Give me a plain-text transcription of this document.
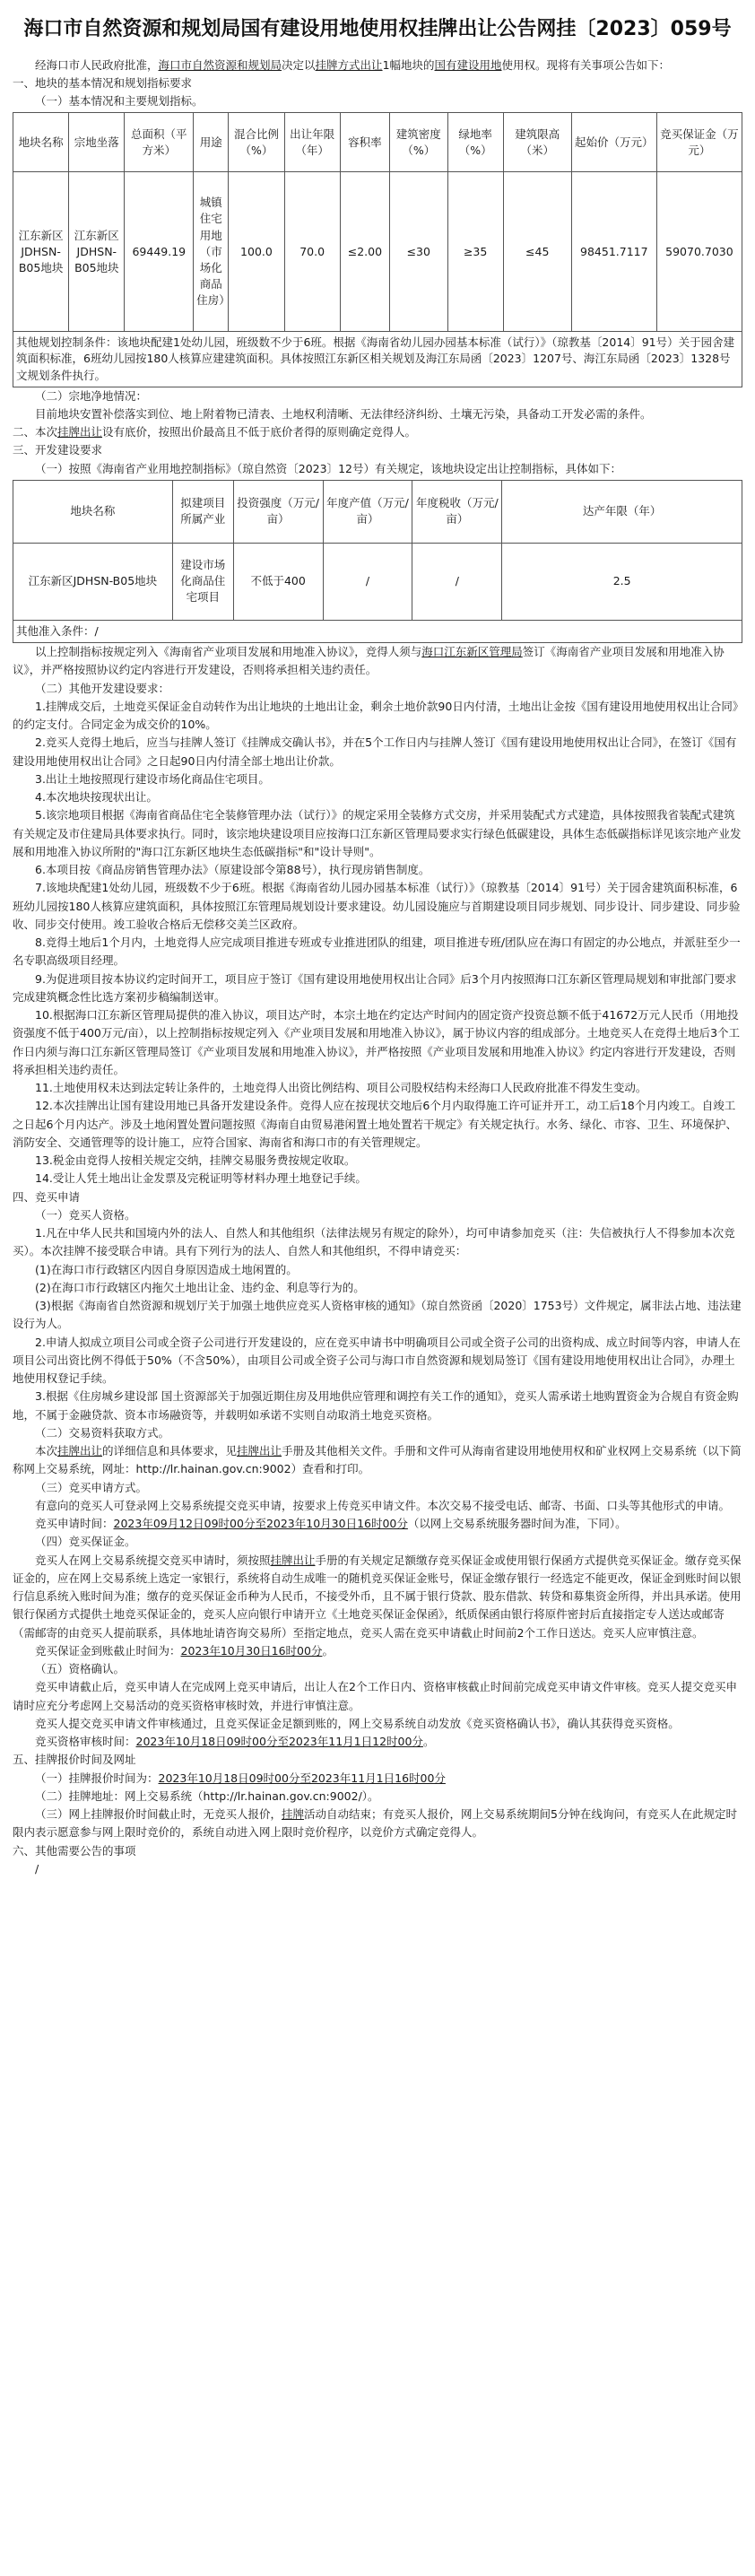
海口市自然资源和规划局国有建设用地使用权挂牌出让公告网挂〔2023〕059号

经海口市人民政府批准，海口市自然资源和规划局决定以挂牌方式出让1幅地块的国有建设用地使用权。现将有关事项公告如下：

一、地块的基本情况和规划指标要求

（一）基本情况和主要规划指标。

地块名称	宗地坐落	总面积（平方米）	用途	混合比例（%）	出让年限（年）	容积率	建筑密度（%）	绿地率（%）	建筑限高（米）	起始价（万元）	竞买保证金（万元）
江东新区JDHSN-B05地块	江东新区JDHSN-B05地块	69449.19	城镇住宅用地（市场化商品住房）	100.0	70.0	≤2.00	≤30	≥35	≤45	98451.7117	59070.7030
其他规划控制条件：该地块配建1处幼儿园，班级数不少于6班。根据《海南省幼儿园办园基本标准（试行）》（琼教基〔2014〕91号）关于园舍建筑面积标准，6班幼儿园按180人核算应建建筑面积。具体按照江东新区相关规划及海江东局函〔2023〕1207号、海江东局函〔2023〕1328号文规划条件执行。											

（二）宗地净地情况：

目前地块安置补偿落实到位、地上附着物已清表、土地权利清晰、无法律经济纠纷、土壤无污染，具备动工开发必需的条件。

二、本次挂牌出让设有底价，按照出价最高且不低于底价者得的原则确定竞得人。

三、开发建设要求

（一）按照《海南省产业用地控制指标》（琼自然资〔2023〕12号）有关规定，该地块设定出让控制指标，具体如下：

地块名称	拟建项目所属产业	投资强度（万元/亩）	年度产值（万元/亩）	年度税收（万元/亩）	达产年限（年）
江东新区JDHSN-B05地块	建设市场化商品住宅项目	不低于400	/	/	2.5
其他准入条件：/					

以上控制指标按规定列入《海南省产业项目发展和用地准入协议》，竞得人须与海口江东新区管理局签订《海南省产业项目发展和用地准入协议》，并严格按照协议约定内容进行开发建设，否则将承担相关违约责任。

（二）其他开发建设要求：

1.挂牌成交后，土地竞买保证金自动转作为出让地块的土地出让金，剩余土地价款90日内付清，土地出让金按《国有建设用地使用权出让合同》的约定支付。合同定金为成交价的10%。

2.竞买人竞得土地后，应当与挂牌人签订《挂牌成交确认书》，并在5个工作日内与挂牌人签订《国有建设用地使用权出让合同》，在签订《国有建设用地使用权出让合同》之日起90日内付清全部土地出让价款。

3.出让土地按照现行建设市场化商品住宅项目。

4.本次地块按现状出让。

5.该宗地项目根据《海南省商品住宅全装修管理办法（试行）》的规定采用全装修方式交房，并采用装配式方式建造，具体按照我省装配式建筑有关规定及市住建局具体要求执行。同时，该宗地块建设项目应按海口江东新区管理局要求实行绿色低碳建设，具体生态低碳指标详见该宗地产业发展和用地准入协议所附的"海口江东新区地块生态低碳指标"和"设计导则"。

6.本项目按《商品房销售管理办法》（原建设部令第88号），执行现房销售制度。

7.该地块配建1处幼儿园，班级数不少于6班。根据《海南省幼儿园办园基本标准（试行）》（琼教基〔2014〕91号）关于园舍建筑面积标准，6班幼儿园按180人核算应建筑面积，具体按照江东管理局规划设计要求建设。幼儿园设施应与首期建设项目同步规划、同步设计、同步建设、同步验收、同步交付使用。竣工验收合格后无偿移交美兰区政府。

8.竞得土地后1个月内，土地竞得人应完成项目推进专班或专业推进团队的组建，项目推进专班/团队应在海口有固定的办公地点，并派驻至少一名专职高级项目经理。

9.为促进项目按本协议约定时间开工，项目应于签订《国有建设用地使用权出让合同》后3个月内按照海口江东新区管理局规划和审批部门要求完成建筑概念性比选方案初步稿编制送审。

10.根据海口江东新区管理局提供的准入协议，项目达产时，本宗土地在约定达产时间内的固定资产投资总额不低于41672万元人民币（用地投资强度不低于400万元/亩），以上控制指标按规定列入《产业项目发展和用地准入协议》，属于协议内容的组成部分。土地竞买人在竞得土地后3个工作日内须与海口江东新区管理局签订《产业项目发展和用地准入协议》，并严格按照《产业项目发展和用地准入协议》约定内容进行开发建设，否则将承担相关违约责任。

11.土地使用权未达到法定转让条件的，土地竞得人出资比例结构、项目公司股权结构未经海口人民政府批准不得发生变动。

12.本次挂牌出让国有建设用地已具备开发建设条件。竞得人应在按现状交地后6个月内取得施工许可证并开工，动工后18个月内竣工。自竣工之日起6个月内达产。涉及土地闲置处置问题按照《海南自由贸易港闲置土地处置若干规定》有关规定执行。水务、绿化、市容、卫生、环境保护、消防安全、交通管理等的设计施工，应符合国家、海南省和海口市的有关管理规定。

13.税金由竞得人按相关规定交纳，挂牌交易服务费按规定收取。

14.受让人凭土地出让金发票及完税证明等材料办理土地登记手续。

四、竞买申请

（一）竞买人资格。

1.凡在中华人民共和国境内外的法人、自然人和其他组织（法律法规另有规定的除外），均可申请参加竞买（注：失信被执行人不得参加本次竞买）。本次挂牌不接受联合申请。具有下列行为的法人、自然人和其他组织，不得申请竞买：

(1)在海口市行政辖区内因自身原因造成土地闲置的。

(2)在海口市行政辖区内拖欠土地出让金、违约金、利息等行为的。

(3)根据《海南省自然资源和规划厅关于加强土地供应竞买人资格审核的通知》（琼自然资函〔2020〕1753号）文件规定，属非法占地、违法建设行为人。

2.申请人拟成立项目公司或全资子公司进行开发建设的，应在竞买申请书中明确项目公司或全资子公司的出资构成、成立时间等内容，申请人在项目公司出资比例不得低于50%（不含50%），由项目公司或全资子公司与海口市自然资源和规划局签订《国有建设用地使用权出让合同》，办理土地使用权登记手续。

3.根据《住房城乡建设部 国土资源部关于加强近期住房及用地供应管理和调控有关工作的通知》，竞买人需承诺土地购置资金为合规自有资金购地，不属于金融贷款、资本市场融资等，并载明如承诺不实则自动取消土地竞买资格。

（二）交易资料获取方式。

本次挂牌出让的详细信息和具体要求，见挂牌出让手册及其他相关文件。手册和文件可从海南省建设用地使用权和矿业权网上交易系统（以下简称网上交易系统，网址：http://lr.hainan.gov.cn:9002）查看和打印。

（三）竞买申请方式。

有意向的竞买人可登录网上交易系统提交竞买申请，按要求上传竞买申请文件。本次交易不接受电话、邮寄、书面、口头等其他形式的申请。

竞买申请时间：2023年09月12日09时00分至2023年10月30日16时00分（以网上交易系统服务器时间为准，下同）。

（四）竞买保证金。

竞买人在网上交易系统提交竞买申请时，须按照挂牌出让手册的有关规定足额缴存竞买保证金或使用银行保函方式提供竞买保证金。缴存竞买保证金的，应在网上交易系统上选定一家银行，系统将自动生成唯一的随机竞买保证金账号，保证金缴存银行一经选定不能更改，保证金到账时间以银行信息系统入账时间为准；缴存的竞买保证金币种为人民币，不接受外币，且不属于银行贷款、股东借款、转贷和募集资金所得，并出具承诺。使用银行保函方式提供土地竞买保证金的，竞买人应向银行申请开立《土地竞买保证金保函》，纸质保函由银行将原件密封后直接指定专人送达或邮寄（需邮寄的由竞买人提前联系，具体地址请咨询交易所）至指定地点，竞买人需在竞买申请截止时间前2个工作日送达。竞买人应审慎注意。

竞买保证金到账截止时间为：2023年10月30日16时00分。

（五）资格确认。

竞买申请截止后，竞买申请人在完成网上竞买申请后，出让人在2个工作日内、资格审核截止时间前完成竞买申请文件审核。竞买人提交竞买申请时应充分考虑网上交易活动的竞买资格审核时效，并进行审慎注意。

竞买人提交竞买申请文件审核通过，且竞买保证金足额到账的，网上交易系统自动发放《竞买资格确认书》，确认其获得竞买资格。

竞买资格审核时间：2023年10月18日09时00分至2023年11月1日12时00分。

五、挂牌报价时间及网址

（一）挂牌报价时间为：2023年10月18日09时00分至2023年11月1日16时00分

（二）挂牌地址：网上交易系统（http://lr.hainan.gov.cn:9002/）。

（三）网上挂牌报价时间截止时，无竞买人报价，挂牌活动自动结束；有竞买人报价，网上交易系统期间5分钟在线询问，有竞买人在此规定时限内表示愿意参与网上限时竞价的，系统自动进入网上限时竞价程序，以竞价方式确定竞得人。

六、其他需要公告的事项

/
